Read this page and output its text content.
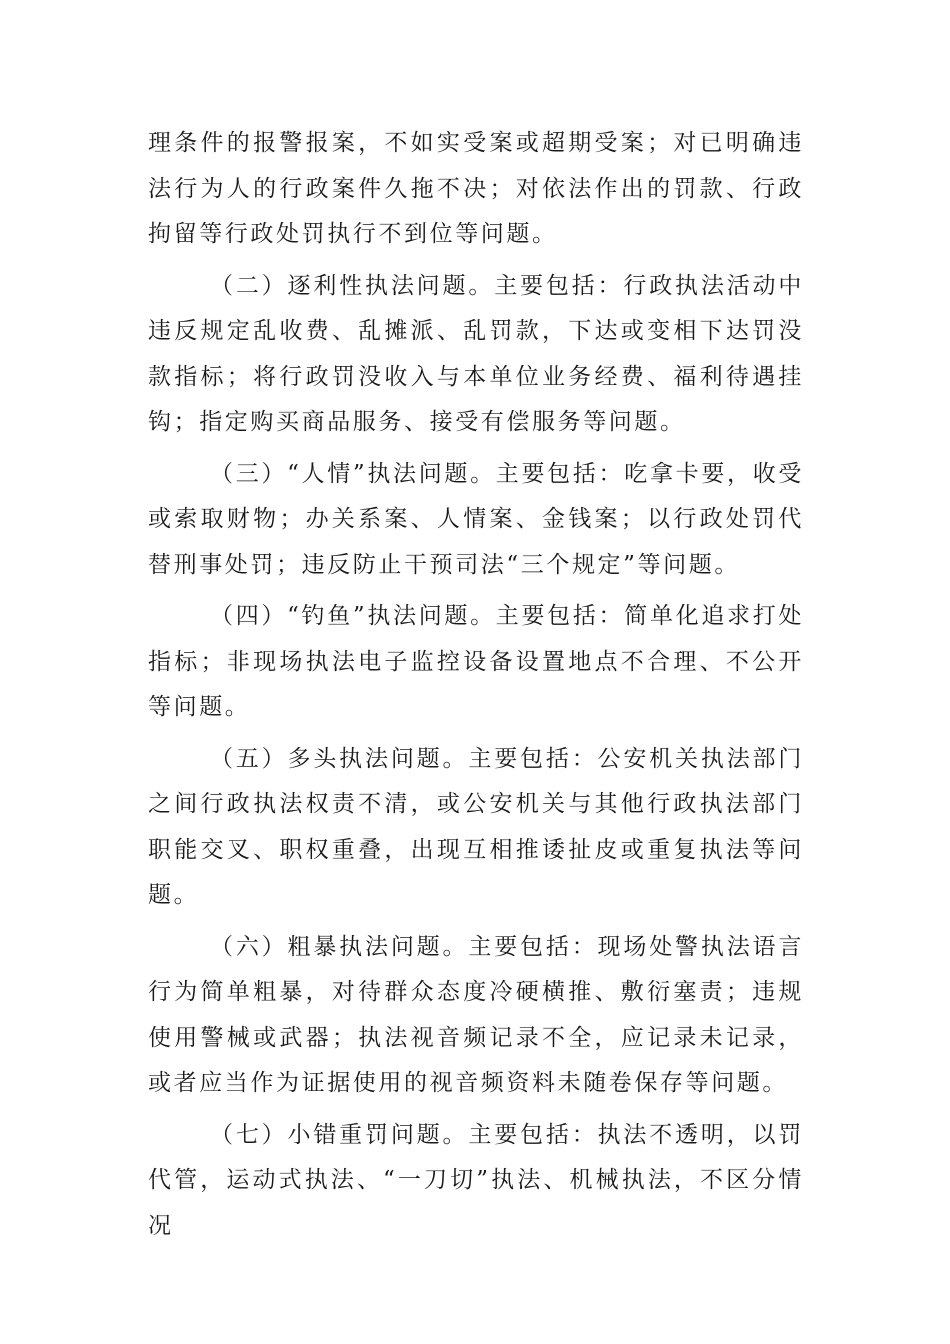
理条件的报警报案，不如实受案或超期受案；对已明确违法行为人的行政案件久拖不决；对依法作出的罚款、行政拘留等行政处罚执行不到位等问题。

（二）逐利性执法问题。主要包括：行政执法活动中违反规定乱收费、乱摊派、乱罚款，下达或变相下达罚没款指标；将行政罚没收入与本单位业务经费、福利待遇挂钩；指定购买商品服务、接受有偿服务等问题。

（三）“人情”执法问题。主要包括：吃拿卡要，收受或索取财物；办关系案、人情案、金钱案；以行政处罚代替刑事处罚；违反防止干预司法“三个规定”等问题。

（四）“钓鱼”执法问题。主要包括：简单化追求打处指标；非现场执法电子监控设备设置地点不合理、不公开等问题。

（五）多头执法问题。主要包括：公安机关执法部门之间行政执法权责不清，或公安机关与其他行政执法部门职能交叉、职权重叠，出现互相推诿扯皮或重复执法等问题。

（六）粗暴执法问题。主要包括：现场处警执法语言行为简单粗暴，对待群众态度冷硬横推、敷衍塞责；违规使用警械或武器；执法视音频记录不全，应记录未记录，或者应当作为证据使用的视音频资料未随卷保存等问题。

（七）小错重罚问题。主要包括：执法不透明，以罚代管，运动式执法、“一刀切”执法、机械执法，不区分情况
